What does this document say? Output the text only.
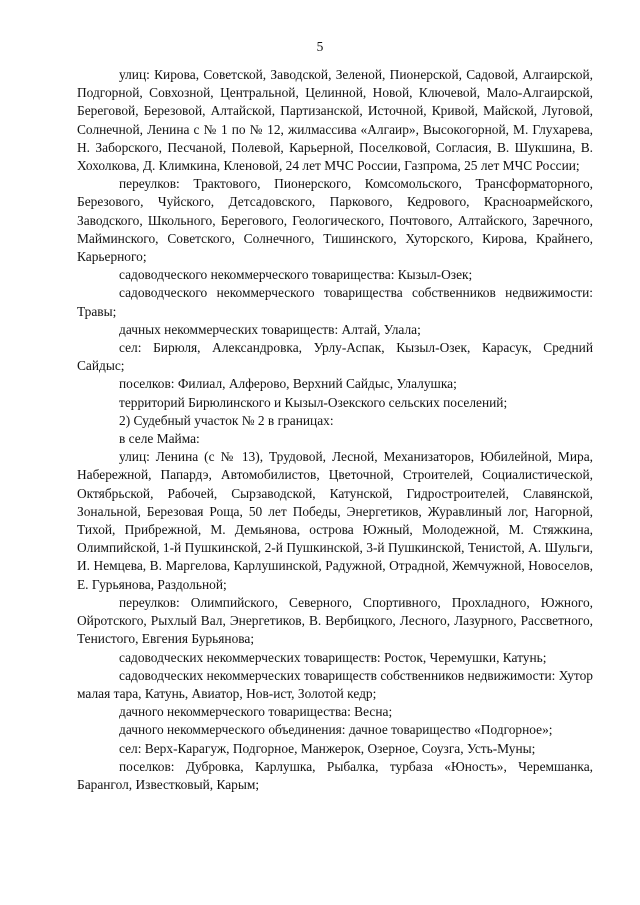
5

улиц: Кирова, Советской, Заводской, Зеленой, Пионерской, Садовой, Алгаирской, Подгорной, Совхозной, Центральной, Целинной, Новой, Ключевой, Мало-Алгаирской, Береговой, Березовой, Алтайской, Партизанской, Источной, Кривой, Майской, Луговой, Солнечной, Ленина с № 1 по № 12, жилмассива «Алгаир», Высокогорной, М. Глухарева, Н. Заборского, Песчаной, Полевой, Карьерной, Поселковой, Согласия, В. Шукшина, В. Хохолкова, Д. Климкина, Кленовой, 24 лет МЧС России, Газпрома, 25 лет МЧС России;

переулков: Трактового, Пионерского, Комсомольского, Трансформаторного, Березового, Чуйского, Детсадовского, Паркового, Кедрового, Красноармейского, Заводского, Школьного, Берегового, Геологического, Почтового, Алтайского, Заречного, Майминского, Советского, Солнечного, Тишинского, Хуторского, Кирова, Крайнего, Карьерного;

садоводческого некоммерческого товарищества: Кызыл-Озек;

садоводческого некоммерческого товарищества собственников недвижимости: Травы;

дачных некоммерческих товариществ: Алтай, Улала;

сел: Бирюля, Александровка, Урлу-Аспак, Кызыл-Озек, Карасук, Средний Сайдыс;

поселков: Филиал, Алферово, Верхний Сайдыс, Улалушка;

территорий Бирюлинского и Кызыл-Озекского сельских поселений;

2) Судебный участок № 2 в границах:

в селе Майма:

улиц: Ленина (с № 13), Трудовой, Лесной, Механизаторов, Юбилейной, Мира, Набережной, Папардэ, Автомобилистов, Цветочной, Строителей, Социалистической, Октябрьской, Рабочей, Сырзаводской, Катунской, Гидростроителей, Славянской, Зональной, Березовая Роща, 50 лет Победы, Энергетиков, Журавлиный лог, Нагорной, Тихой, Прибрежной, М. Демьянова, острова Южный, Молодежной, М. Стяжкина, Олимпийской, 1-й Пушкинской, 2-й Пушкинской, 3-й Пушкинской, Тенистой, А. Шульги, И. Немцева, В. Маргелова, Карлушинской, Радужной, Отрадной, Жемчужной, Новоселов, Е. Гурьянова, Раздольной;

переулков: Олимпийского, Северного, Спортивного, Прохладного, Южного, Ойротского, Рыхлый Вал, Энергетиков, В. Вербицкого, Лесного, Лазурного, Рассветного, Тенистого, Евгения Бурьянова;

садоводческих некоммерческих товариществ: Росток, Черемушки, Катунь;

садоводческих некоммерческих товариществ собственников недвижимости: Хутор малая тара, Катунь, Авиатор, Нов-ист, Золотой кедр;

дачного некоммерческого товарищества: Весна;

дачного некоммерческого объединения: дачное товарищество «Подгорное»;

сел: Верх-Карагуж, Подгорное, Манжерок, Озерное, Соузга, Усть-Муны;

поселков: Дубровка, Карлушка, Рыбалка, турбаза «Юность», Черемшанка, Барангол, Известковый, Карым;
